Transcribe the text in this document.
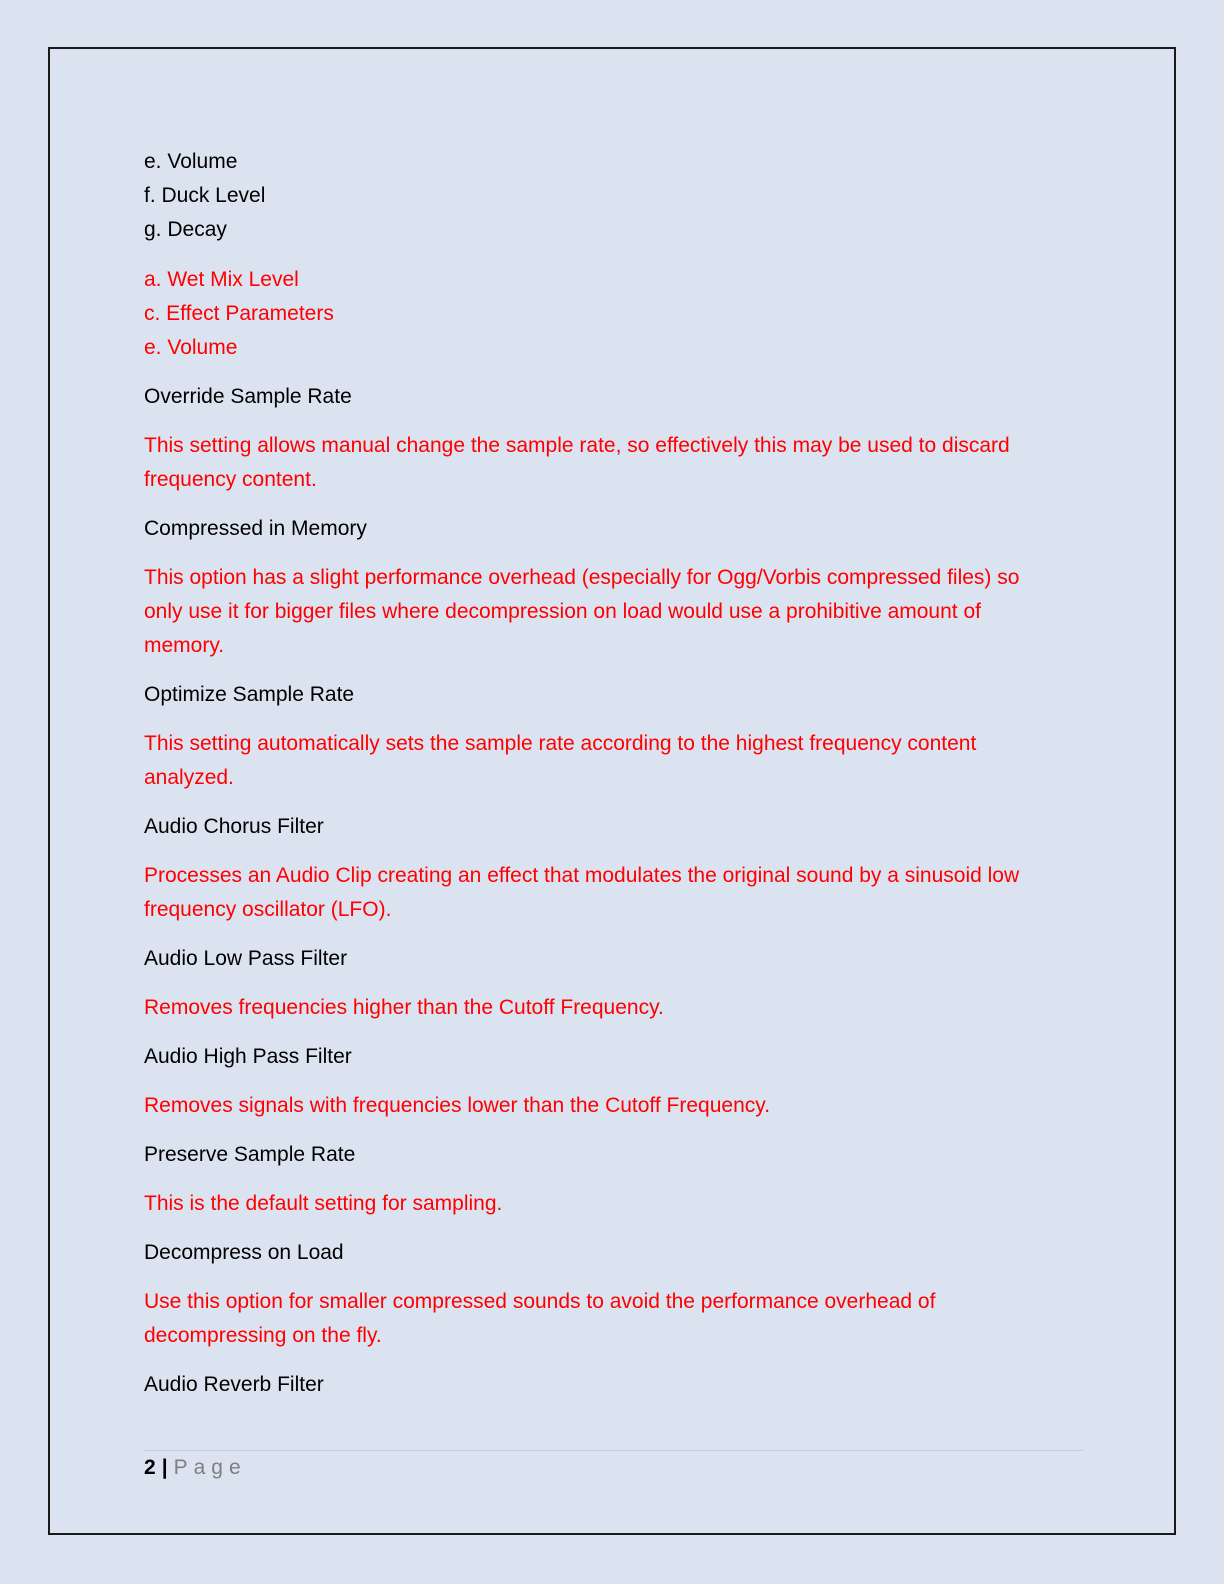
e. Volume
f. Duck Level
g. Decay
a. Wet Mix Level
c. Effect Parameters
e. Volume
Override Sample Rate
This setting allows manual change the sample rate, so effectively this may be used to discard
frequency content.
Compressed in Memory
This option has a slight performance overhead (especially for Ogg/Vorbis compressed files) so
only use it for bigger files where decompression on load would use a prohibitive amount of
memory.
Optimize Sample Rate
This setting automatically sets the sample rate according to the highest frequency content
analyzed.
Audio Chorus Filter
Processes an Audio Clip creating an effect that modulates the original sound by a sinusoid low
frequency oscillator (LFO).
Audio Low Pass Filter
Removes frequencies higher than the Cutoff Frequency.
Audio High Pass Filter
Removes signals with frequencies lower than the Cutoff Frequency.
Preserve Sample Rate
This is the default setting for sampling.
Decompress on Load
Use this option for smaller compressed sounds to avoid the performance overhead of
decompressing on the fly.
Audio Reverb Filter
2 | Page
